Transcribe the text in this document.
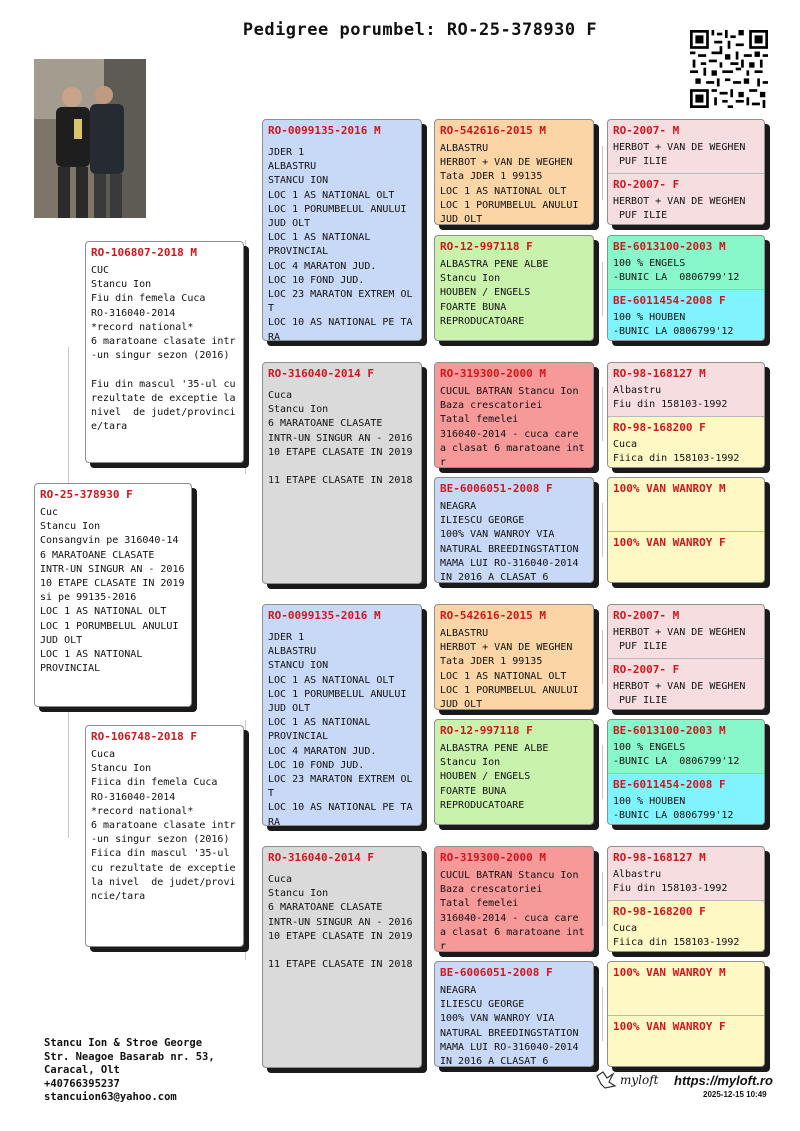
Pedigree porumbel: RO-25-378930 F
RO-25-378930 F
Cuc
Stancu Ion
Consangvin pe 316040-14
6 MARATOANE CLASATE
INTR-UN SINGUR AN - 2016
10 ETAPE CLASATE IN 2019
si pe 99135-2016
LOC 1 AS NATIONAL OLT
LOC 1 PORUMBELUL ANULUI
JUD OLT
LOC 1 AS NATIONAL
PROVINCIAL
RO-106807-2018 M
CUC
Stancu Ion
Fiu din femela Cuca
RO-316040-2014
*record national*
6 maratoane clasate intr
-un singur sezon (2016)

Fiu din mascul '35-ul cu
rezultate de exceptie la
nivel  de judet/provinci
e/tara
RO-106748-2018 F
Cuca
Stancu Ion
Fiica din femela Cuca
RO-316040-2014
*record national*
6 maratoane clasate intr
-un singur sezon (2016)
Fiica din mascul '35-ul
cu rezultate de exceptie
la nivel  de judet/provi
ncie/tara
RO-0099135-2016 M
JDER 1
ALBASTRU
STANCU ION
LOC 1 AS NATIONAL OLT
LOC 1 PORUMBELUL ANULUI
JUD OLT
LOC 1 AS NATIONAL
PROVINCIAL
LOC 4 MARATON JUD.
LOC 10 FOND JUD.
LOC 23 MARATON EXTREM OL
T
LOC 10 AS NATIONAL PE TA
RA
RO-316040-2014 F
Cuca
Stancu Ion
6 MARATOANE CLASATE
INTR-UN SINGUR AN - 2016
10 ETAPE CLASATE IN 2019

11 ETAPE CLASATE IN 2018
RO-0099135-2016 M
JDER 1
ALBASTRU
STANCU ION
LOC 1 AS NATIONAL OLT
LOC 1 PORUMBELUL ANULUI
JUD OLT
LOC 1 AS NATIONAL
PROVINCIAL
LOC 4 MARATON JUD.
LOC 10 FOND JUD.
LOC 23 MARATON EXTREM OL
T
LOC 10 AS NATIONAL PE TA
RA
RO-316040-2014 F
Cuca
Stancu Ion
6 MARATOANE CLASATE
INTR-UN SINGUR AN - 2016
10 ETAPE CLASATE IN 2019

11 ETAPE CLASATE IN 2018
RO-542616-2015 M
ALBASTRU
HERBOT + VAN DE WEGHEN
Tata JDER 1 99135
LOC 1 AS NATIONAL OLT
LOC 1 PORUMBELUL ANULUI
JUD OLT
RO-12-997118 F
ALBASTRA PENE ALBE
Stancu Ion
HOUBEN / ENGELS
FOARTE BUNA
REPRODUCATOARE
RO-319300-2000 M
CUCUL BATRAN Stancu Ion
Baza crescatoriei
Tatal femelei
316040-2014 - cuca care
a clasat 6 maratoane int
r
BE-6006051-2008 F
NEAGRA
ILIESCU GEORGE
100% VAN WANROY VIA
NATURAL BREEDINGSTATION
MAMA LUI RO-316040-2014
IN 2016 A CLASAT 6
RO-542616-2015 M
ALBASTRU
HERBOT + VAN DE WEGHEN
Tata JDER 1 99135
LOC 1 AS NATIONAL OLT
LOC 1 PORUMBELUL ANULUI
JUD OLT
RO-12-997118 F
ALBASTRA PENE ALBE
Stancu Ion
HOUBEN / ENGELS
FOARTE BUNA
REPRODUCATOARE
RO-319300-2000 M
CUCUL BATRAN Stancu Ion
Baza crescatoriei
Tatal femelei
316040-2014 - cuca care
a clasat 6 maratoane int
r
BE-6006051-2008 F
NEAGRA
ILIESCU GEORGE
100% VAN WANROY VIA
NATURAL BREEDINGSTATION
MAMA LUI RO-316040-2014
IN 2016 A CLASAT 6
RO-2007- M
HERBOT + VAN DE WEGHEN
PUF ILIE
RO-2007- F
HERBOT + VAN DE WEGHEN
PUF ILIE
BE-6013100-2003 M
100 % ENGELS
-BUNIC LA  0806799'12
BE-6011454-2008 F
100 % HOUBEN
-BUNIC LA 0806799'12
RO-98-168127 M
Albastru
Fiu din 158103-1992
RO-98-168200 F
Cuca
Fiica din 158103-1992
100% VAN WANROY M
100% VAN WANROY F
RO-2007- M
HERBOT + VAN DE WEGHEN
PUF ILIE
RO-2007- F
HERBOT + VAN DE WEGHEN
PUF ILIE
BE-6013100-2003 M
100 % ENGELS
-BUNIC LA  0806799'12
BE-6011454-2008 F
100 % HOUBEN
-BUNIC LA 0806799'12
RO-98-168127 M
Albastru
Fiu din 158103-1992
RO-98-168200 F
Cuca
Fiica din 158103-1992
100% VAN WANROY M
100% VAN WANROY F
Stancu Ion & Stroe George
Str. Neagoe Basarab nr. 53,
Caracal, Olt
+40766395237
stancuion63@yahoo.com
myloft https://myloft.ro
2025-12-15 10:49
